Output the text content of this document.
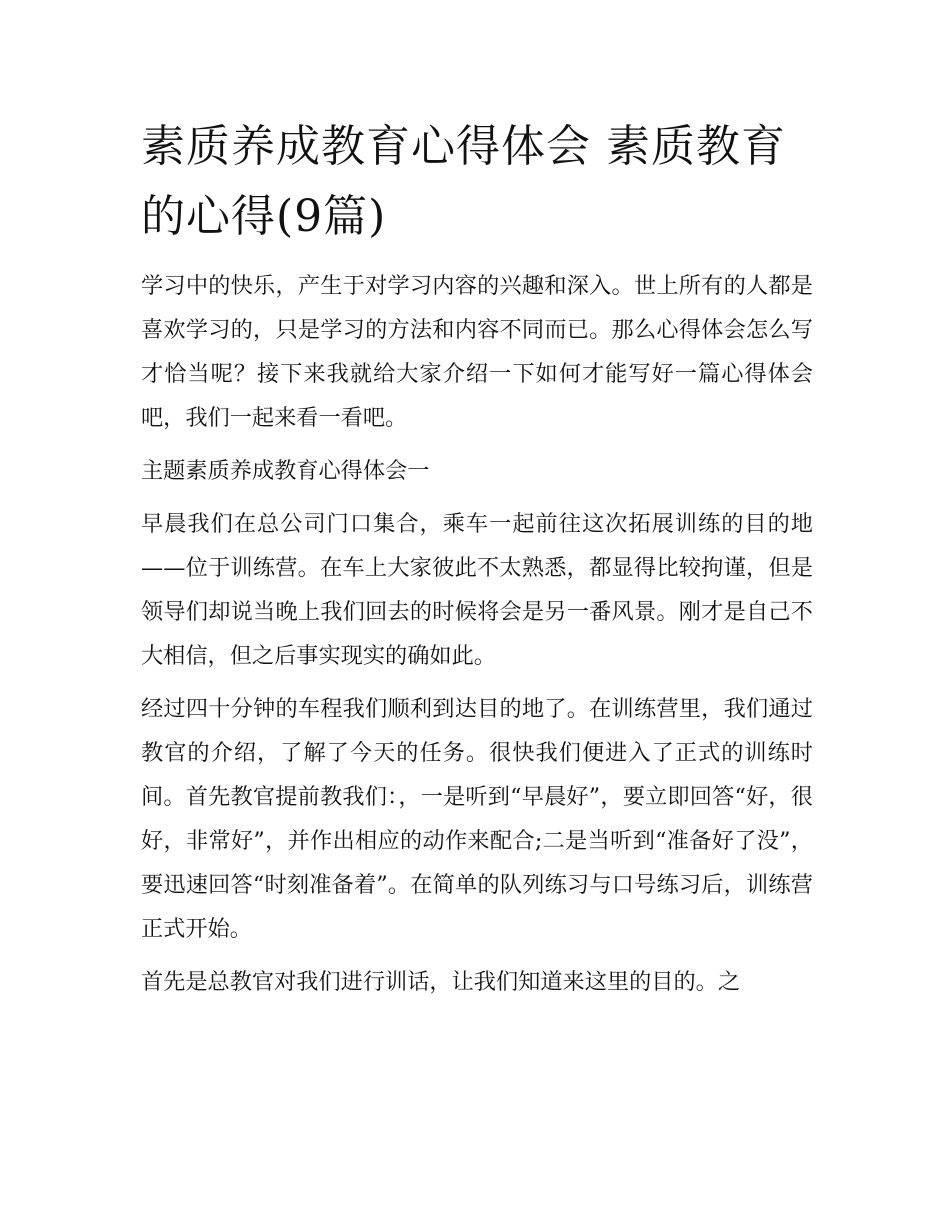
素质养成教育心得体会 素质教育的心得(9篇)

学习中的快乐，产生于对学习内容的兴趣和深入。世上所有的人都是喜欢学习的，只是学习的方法和内容不同而已。那么心得体会怎么写才恰当呢？接下来我就给大家介绍一下如何才能写好一篇心得体会吧，我们一起来看一看吧。

主题素质养成教育心得体会一

早晨我们在总公司门口集合，乘车一起前往这次拓展训练的目的地——位于训练营。在车上大家彼此不太熟悉，都显得比较拘谨，但是领导们却说当晚上我们回去的时候将会是另一番风景。刚才是自己不大相信，但之后事实现实的确如此。

经过四十分钟的车程我们顺利到达目的地了。在训练营里，我们通过教官的介绍，了解了今天的任务。很快我们便进入了正式的训练时间。首先教官提前教我们：，一是听到“早晨好”，要立即回答“好，很好，非常好”，并作出相应的动作来配合;二是当听到“准备好了没”，要迅速回答“时刻准备着”。在简单的队列练习与口号练习后，训练营正式开始。

首先是总教官对我们进行训话，让我们知道来这里的目的。之
